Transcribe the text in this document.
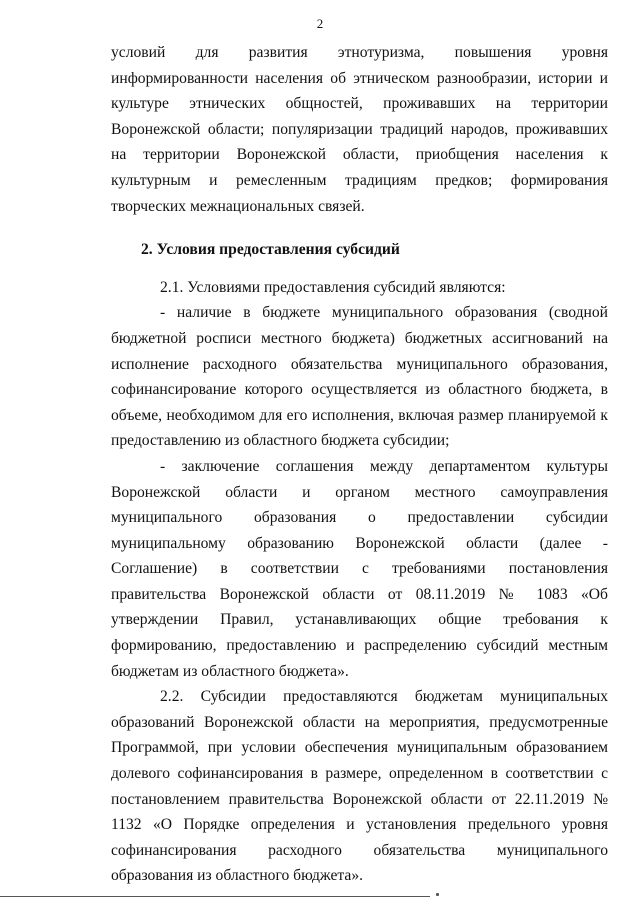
2

условий для развития этнотуризма, повышения уровня информированности населения об этническом разнообразии, истории и культуре этнических общностей, проживавших на территории Воронежской области; популяризации традиций народов, проживавших на территории Воронежской области, приобщения населения к культурным и ремесленным традициям предков; формирования творческих межнациональных связей.

2. Условия предоставления субсидий

2.1. Условиями предоставления субсидий являются:

- наличие в бюджете муниципального образования (сводной бюджетной росписи местного бюджета) бюджетных ассигнований на исполнение расходного обязательства муниципального образования, софинансирование которого осуществляется из областного бюджета, в объеме, необходимом для его исполнения, включая размер планируемой к предоставлению из областного бюджета субсидии;

- заключение соглашения между департаментом культуры Воронежской области и органом местного самоуправления муниципального образования о предоставлении субсидии муниципальному образованию Воронежской области (далее - Соглашение) в соответствии с требованиями постановления правительства Воронежской области от 08.11.2019 № 1083 «Об утверждении Правил, устанавливающих общие требования к формированию, предоставлению и распределению субсидий местным бюджетам из областного бюджета».

2.2. Субсидии предоставляются бюджетам муниципальных образований Воронежской области на мероприятия, предусмотренные Программой, при условии обеспечения муниципальным образованием долевого софинансирования в размере, определенном в соответствии с постановлением правительства Воронежской области от 22.11.2019 № 1132 «О Порядке определения и установления предельного уровня софинансирования расходного обязательства муниципального образования из областного бюджета».
